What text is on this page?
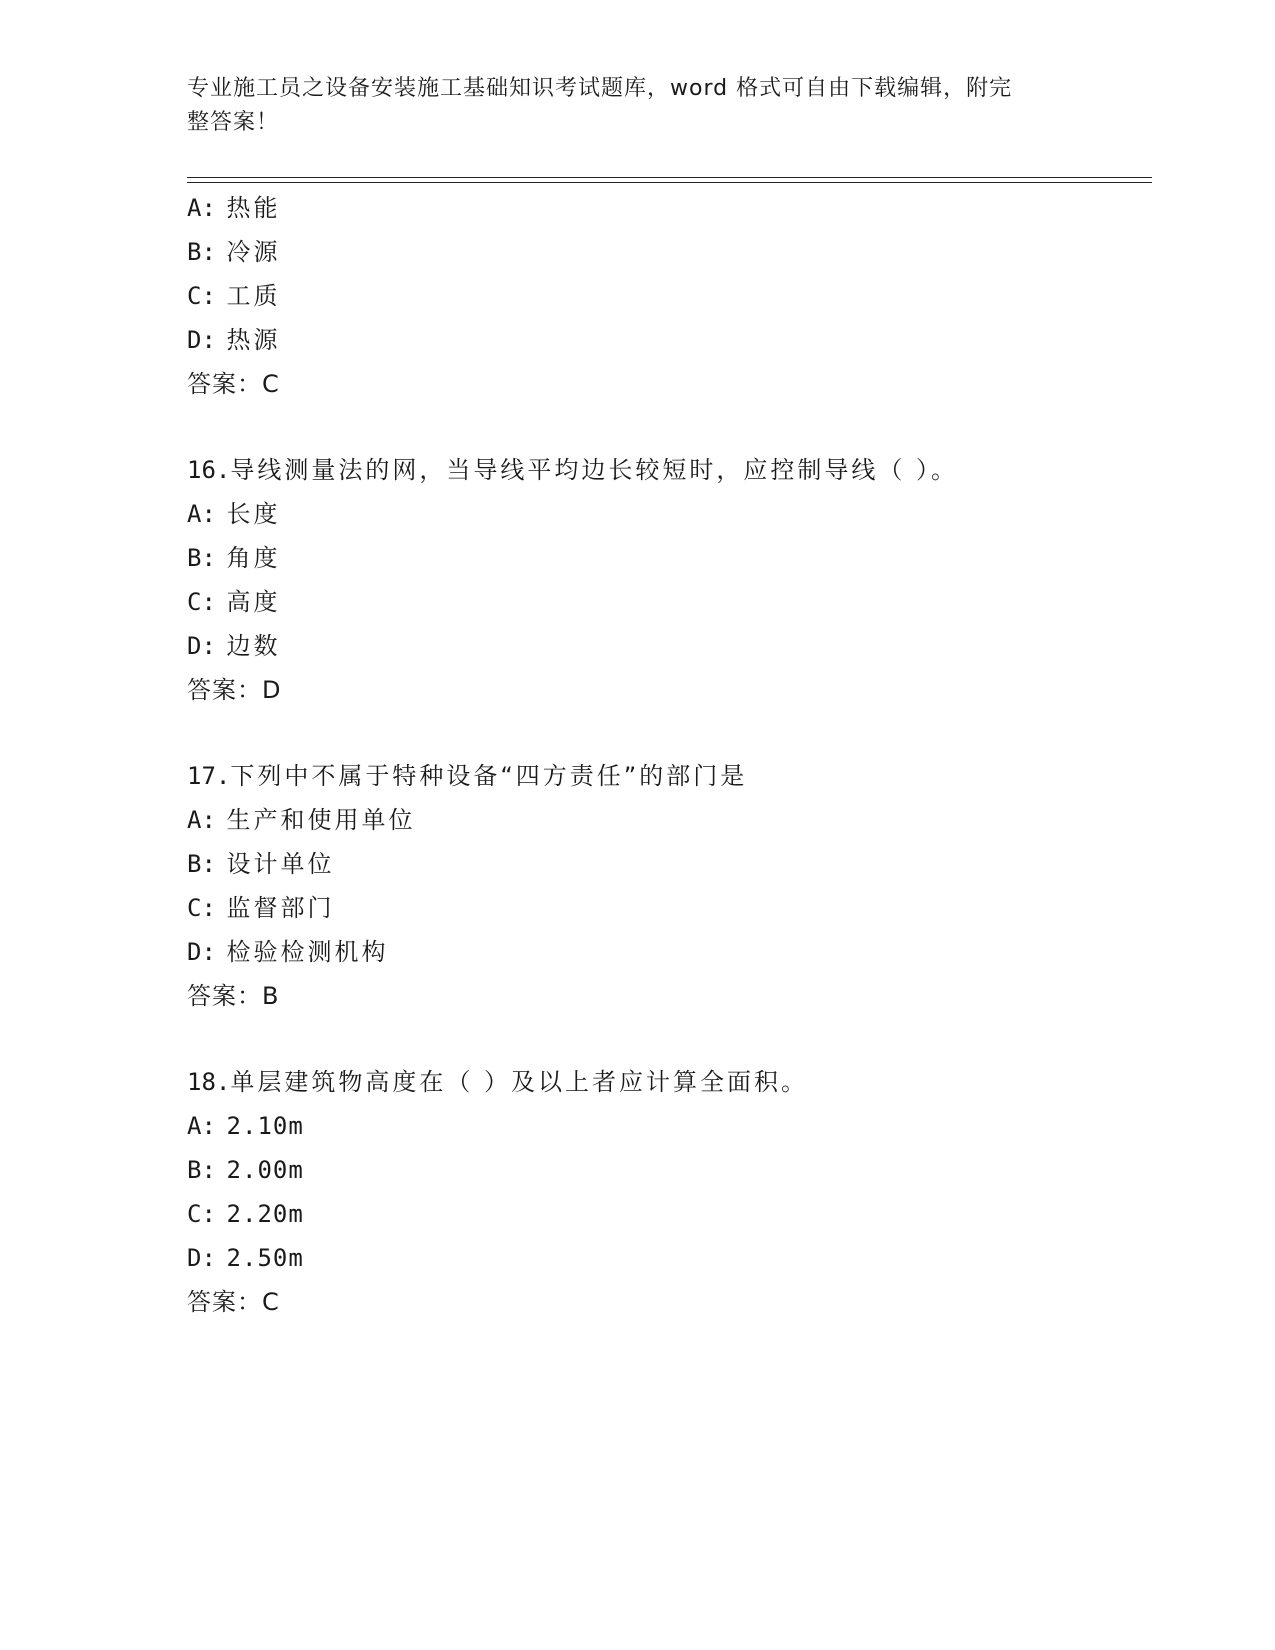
专业施工员之设备安装施工基础知识考试题库，word 格式可自由下载编辑，附完
整答案！
A: 热能
B: 冷源
C: 工质
D: 热源
答案：C
16.导线测量法的网，当导线平均边长较短时，应控制导线（ ）。
A: 长度
B: 角度
C: 高度
D: 边数
答案：D
17.下列中不属于特种设备“四方责任”的部门是
A: 生产和使用单位
B: 设计单位
C: 监督部门
D: 检验检测机构
答案：B
18.单层建筑物高度在（ ）及以上者应计算全面积。
A: 2.10m
B: 2.00m
C: 2.20m
D: 2.50m
答案：C
